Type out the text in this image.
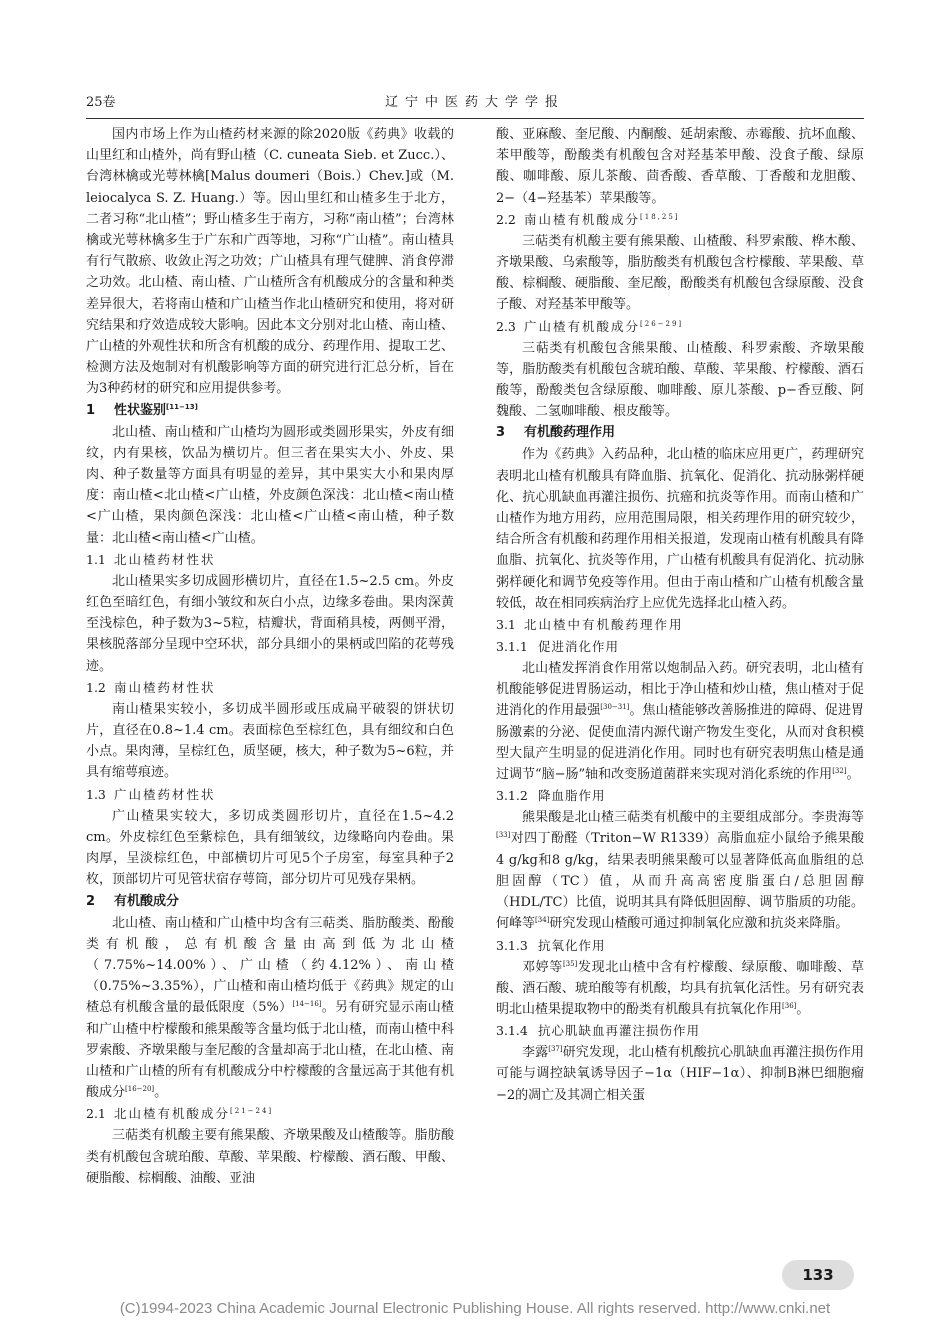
25卷	辽宁中医药大学学报

国内市场上作为山楂药材来源的除2020版《药典》收载的山里红和山楂外，尚有野山楂（C. cuneata Sieb. et Zucc.）、台湾林檎或光萼林檎[Malus doumeri（Bois.）Chev.]或（M. leiocalyca S. Z. Huang.）等。因山里红和山楂多生于北方，二者习称“北山楂”；野山楂多生于南方，习称“南山楂”；台湾林檎或光萼林檎多生于广东和广西等地，习称“广山楂”。南山楂具有行气散瘀、收敛止泻之功效；广山楂具有理气健脾、消食停滞之功效。北山楂、南山楂、广山楂所含有机酸成分的含量和种类差异很大，若将南山楂和广山楂当作北山楂研究和使用，将对研究结果和疗效造成较大影响。因此本文分别对北山楂、南山楂、广山楂的外观性状和所含有机酸的成分、药理作用、提取工艺、检测方法及炮制对有机酸影响等方面的研究进行汇总分析，旨在为3种药材的研究和应用提供参考。

1 性状鉴别[11−13]

北山楂、南山楂和广山楂均为圆形或类圆形果实，外皮有细纹，内有果核，饮品为横切片。但三者在果实大小、外皮、果肉、种子数量等方面具有明显的差异，其中果实大小和果肉厚度：南山楂<北山楂<广山楂，外皮颜色深浅：北山楂<南山楂<广山楂，果肉颜色深浅：北山楂<广山楂<南山楂，种子数量：北山楂<南山楂<广山楂。

1.1 北山楂药材性状

北山楂果实多切成圆形横切片，直径在1.5~2.5 cm。外皮红色至暗红色，有细小皱纹和灰白小点，边缘多卷曲。果肉深黄至浅棕色，种子数为3~5粒，桔瓣状，背面稍具棱，两侧平滑，果核脱落部分呈现中空环状，部分具细小的果柄或凹陷的花萼残迹。

1.2 南山楂药材性状

南山楂果实较小，多切成半圆形或压成扁平破裂的饼状切片，直径在0.8~1.4 cm。表面棕色至棕红色，具有细纹和白色小点。果肉薄，呈棕红色，质坚硬，核大，种子数为5~6粒，并具有缩萼痕迹。

1.3 广山楂药材性状

广山楂果实较大，多切成类圆形切片，直径在1.5~4.2 cm。外皮棕红色至紫棕色，具有细皱纹，边缘略向内卷曲。果肉厚，呈淡棕红色，中部横切片可见5个子房室，每室具种子2枚，顶部切片可见管状宿存萼筒，部分切片可见残存果柄。

2 有机酸成分

北山楂、南山楂和广山楂中均含有三萜类、脂肪酸类、酚酸类有机酸，总有机酸含量由高到低为北山楂（7.75%~14.00%）、广山楂（约4.12%）、南山楂（0.75%~3.35%），广山楂和南山楂均低于《药典》规定的山楂总有机酸含量的最低限度（5%）[14−16]。另有研究显示南山楂和广山楂中柠檬酸和熊果酸等含量均低于北山楂，而南山楂中科罗索酸、齐墩果酸与奎尼酸的含量却高于北山楂，在北山楂、南山楂和广山楂的所有有机酸成分中柠檬酸的含量远高于其他有机酸成分[16−20]。

2.1 北山楂有机酸成分[21−24]

三萜类有机酸主要有熊果酸、齐墩果酸及山楂酸等。脂肪酸类有机酸包含琥珀酸、草酸、苹果酸、柠檬酸、酒石酸、甲酸、硬脂酸、棕榈酸、油酸、亚油

酸、亚麻酸、奎尼酸、内酮酸、延胡索酸、赤霉酸、抗坏血酸、苯甲酸等，酚酸类有机酸包含对羟基苯甲酸、没食子酸、绿原酸、咖啡酸、原儿茶酸、茴香酸、香草酸、丁香酸和龙胆酸、2−（4−羟基苯）苹果酸等。

2.2 南山楂有机酸成分[18,25]

三萜类有机酸主要有熊果酸、山楂酸、科罗索酸、桦木酸、齐墩果酸、乌索酸等，脂肪酸类有机酸包含柠檬酸、苹果酸、草酸、棕榈酸、硬脂酸、奎尼酸，酚酸类有机酸包含绿原酸、没食子酸、对羟基苯甲酸等。

2.3 广山楂有机酸成分[26−29]

三萜类有机酸包含熊果酸、山楂酸、科罗索酸、齐墩果酸等，脂肪酸类有机酸包含琥珀酸、草酸、苹果酸、柠檬酸、酒石酸等，酚酸类包含绿原酸、咖啡酸、原儿茶酸、p−香豆酸、阿魏酸、二氢咖啡酸、根皮酸等。

3 有机酸药理作用

作为《药典》入药品种，北山楂的临床应用更广，药理研究表明北山楂有机酸具有降血脂、抗氧化、促消化、抗动脉粥样硬化、抗心肌缺血再灌注损伤、抗癌和抗炎等作用。而南山楂和广山楂作为地方用药，应用范围局限，相关药理作用的研究较少，结合所含有机酸和药理作用相关报道，发现南山楂有机酸具有降血脂、抗氧化、抗炎等作用，广山楂有机酸具有促消化、抗动脉粥样硬化和调节免疫等作用。但由于南山楂和广山楂有机酸含量较低，故在相同疾病治疗上应优先选择北山楂入药。

3.1 北山楂中有机酸药理作用
3.1.1 促进消化作用

北山楂发挥消食作用常以炮制品入药。研究表明，北山楂有机酸能够促进胃肠运动，相比于净山楂和炒山楂，焦山楂对于促进消化的作用最强[30−31]。焦山楂能够改善肠推进的障碍、促进胃肠激素的分泌、促使血清内源代谢产物发生变化，从而对食积模型大鼠产生明显的促进消化作用。同时也有研究表明焦山楂是通过调节“脑−肠”轴和改变肠道菌群来实现对消化系统的作用[32]。

3.1.2 降血脂作用

熊果酸是北山楂三萜类有机酸中的主要组成部分。李贵海等[33]对四丁酚醛（Triton−W R1339）高脂血症小鼠给予熊果酸4 g/kg和8 g/kg，结果表明熊果酸可以显著降低高血脂组的总胆固醇（TC）值，从而升高高密度脂蛋白/总胆固醇（HDL/TC）比值，说明其具有降低胆固醇、调节脂质的功能。何峰等[34]研究发现山楂酸可通过抑制氧化应激和抗炎来降脂。

3.1.3 抗氧化作用

邓婷等[35]发现北山楂中含有柠檬酸、绿原酸、咖啡酸、草酸、酒石酸、琥珀酸等有机酸，均具有抗氧化活性。另有研究表明北山楂果提取物中的酚类有机酸具有抗氧化作用[36]。

3.1.4 抗心肌缺血再灌注损伤作用

李露[37]研究发现，北山楂有机酸抗心肌缺血再灌注损伤作用可能与调控缺氧诱导因子−1α（HIF−1α）、抑制B淋巴细胞瘤−2的凋亡及其凋亡相关蛋

133
(C)1994-2023 China Academic Journal Electronic Publishing House. All rights reserved. http://www.cnki.net
